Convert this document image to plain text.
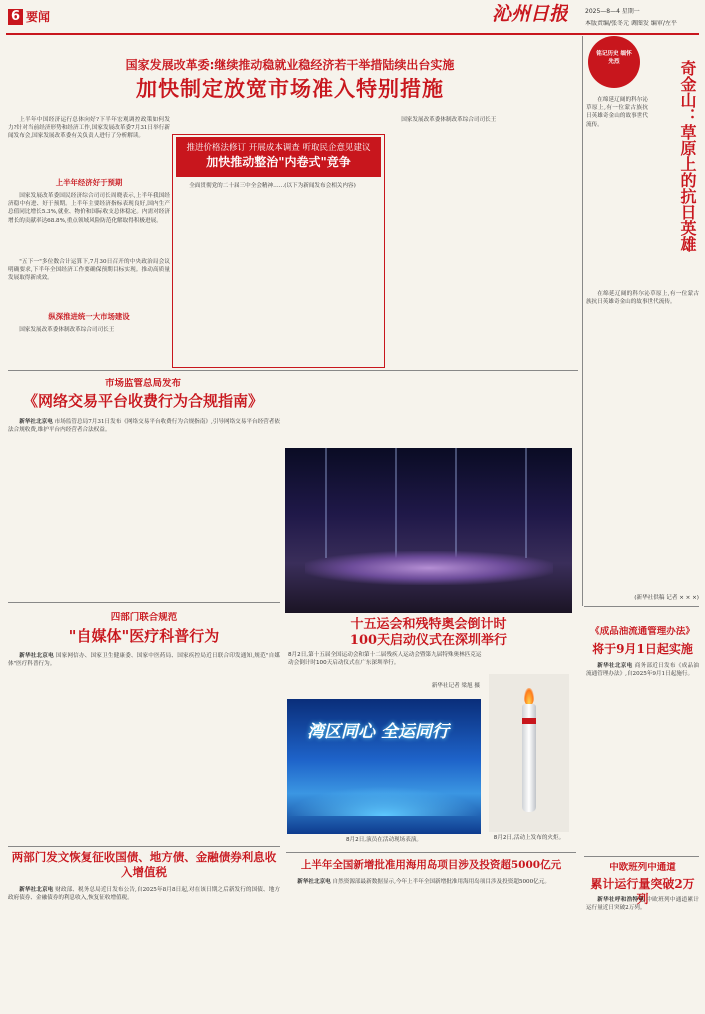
6 要闻	沁州日报	2025—8—4 星期一
本版责编/张冬元 调图发 编审/左平
国家发展改革委:继续推动稳就业稳经济若干举措陆续出台实施
加快制定放宽市场准入特别措施

上半年中国经济运行总体向好?下半年宏观调控政策如何发力?针对当前经济形势和经济工作,国家发展改革委7月31日举行新闻发布会,国家发展改革委有关负责人进行了分析解读。

上半年经济好于预期

国家发展改革委国民经济综合司司长周晓表示,上半年我国经济稳中有进、好于预期。上半年主要经济指标表现良好,国内生产总值同比增长5.3%,就业、物价和国际收支总体稳定。内需对经济增长的贡献率达68.8%,重点领域风险防范化解取得积极进展。

"五下一"多位数合计运算下,7月30日召开的中央政治局会议明确要求,下半年全国经济工作要确保预期目标实现。推动高质量发展取得新成效。

纵深推进统一大市场建设

国家发展改革委体制改革综合司司长王

推进价格法修订 开展成本调查 听取民企意见建议
加快推动整治"内卷式"竞争

全面贯彻党的二十届三中全会精神……(以下为新闻发布会相关内容)

国家发展改革委体制改革综合司司长王

铭记历史 缅怀先烈	奇金山：草原上的抗日英雄

在绵延辽阔的科尔沁草原上,有一位蒙古族抗日英雄奇金山的故事世代流传。

在绵延辽阔的科尔沁草原上,有一位蒙古族抗日英雄奇金山的故事世代流传。

(新华社供稿 记者 × × ×)
市场监管总局发布
《网络交易平台收费行为合规指南》

新华社北京电 市场监管总局7月31日发布《网络交易平台收费行为合规指南》,引导网络交易平台经营者依法合规收费,维护平台内经营者合法权益。

十五运会和残特奥会倒计时
100天启动仪式在深圳举行
8月2日,第十五届全国运动会和第十二届残疾人运动会暨第九届特殊奥林匹克运动会倒计时100天启动仪式在广东深圳举行。
新华社记者 梁旭 摄
湾区同心 全运同行
8月2日,演员在活动现场表演。	8月2日,活动上发布的火炬。
四部门联合规范
"自媒体"医疗科普行为

新华社北京电 国家网信办、国家卫生健康委、国家中医药局、国家疾控局近日联合印发通知,规范"自媒体"医疗科普行为。

两部门发文恢复征收国债、地方债、金融债券利息收入增值税

新华社北京电 财政部、税务总局近日发布公告,自2025年8月8日起,对在该日期之后新发行的国债、地方政府债券、金融债券的利息收入,恢复征收增值税。

上半年全国新增批准用海用岛项目涉及投资超5000亿元

新华社北京电 自然资源部最新数据显示,今年上半年全国新增批准用海用岛项目涉及投资超5000亿元。

《成品油流通管理办法》
将于9月1日起实施

新华社北京电 商务部近日发布《成品油流通管理办法》,自2025年9月1日起施行。

中欧班列中通道
累计运行量突破2万列

新华社呼和浩特电 中欧班列中通道累计运行量近日突破2万列。
